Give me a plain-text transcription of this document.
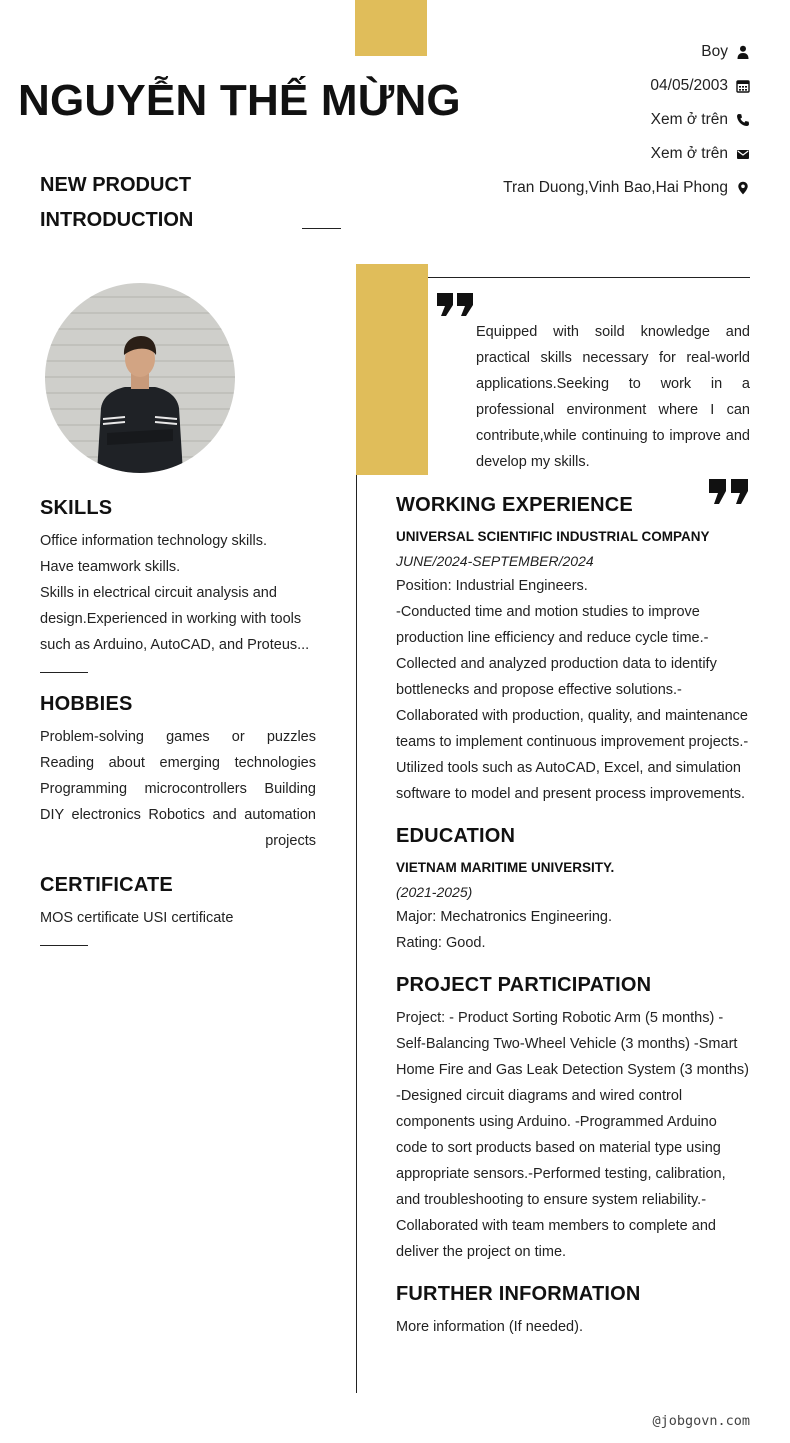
NGUYỄN THẾ MỪNG
NEW PRODUCT INTRODUCTION
Boy
04/05/2003
Xem ở trên
Xem ở trên
Tran Duong,Vinh Bao,Hai Phong
Equipped with soild knowledge and practical skills necessary for real-world applications.Seeking to work in a professional environment where I can contribute,while continuing to improve and develop my skills.
SKILLS
Office information technology skills.
Have teamwork skills.
Skills in electrical circuit analysis and design.Experienced in working with tools such as Arduino, AutoCAD, and Proteus...
HOBBIES
Problem-solving games or puzzles Reading about emerging technologies Programming microcontrollers Building DIY electronics Robotics and automation projects
CERTIFICATE
MOS certificate USI certificate
WORKING EXPERIENCE
UNIVERSAL SCIENTIFIC INDUSTRIAL COMPANY
JUNE/2024-SEPTEMBER/2024
Position: Industrial Engineers.
-Conducted time and motion studies to improve production line efficiency and reduce cycle time.-Collected and analyzed production data to identify bottlenecks and propose effective solutions.-Collaborated with production, quality, and maintenance teams to implement continuous improvement projects.-Utilized tools such as AutoCAD, Excel, and simulation software to model and present process improvements.
EDUCATION
VIETNAM MARITIME UNIVERSITY.
(2021-2025)
Major: Mechatronics Engineering.
Rating: Good.
PROJECT PARTICIPATION
Project: - Product Sorting Robotic Arm (5 months) -Self-Balancing Two-Wheel Vehicle (3 months) -Smart Home Fire and Gas Leak Detection System (3 months)
-Designed circuit diagrams and wired control components using Arduino. -Programmed Arduino code to sort products based on material type using appropriate sensors.-Performed testing, calibration, and troubleshooting to ensure system reliability.-Collaborated with team members to complete and deliver the project on time.
FURTHER INFORMATION
More information (If needed).
@jobgovn.com
